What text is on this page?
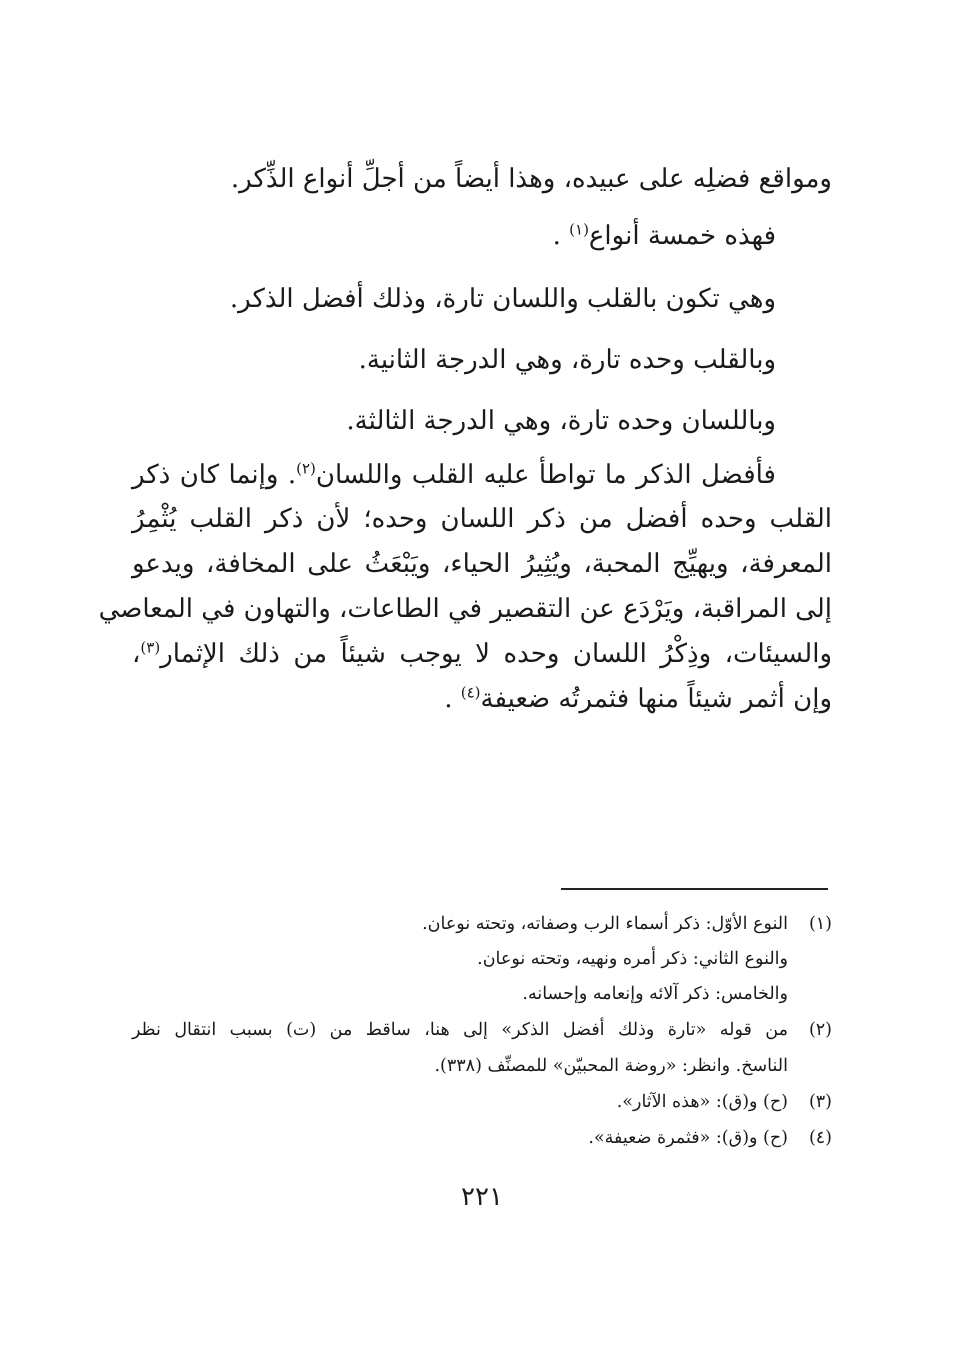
ومواقع فضلِه على عبيده، وهذا أيضاً من أجلِّ أنواع الذِّكر.
فهذه خمسة أنواع$^{(١)}$ .
وهي تكون بالقلب واللسان تارة، وذلك أفضل الذكر.
وبالقلب وحده تارة، وهي الدرجة الثانية.
وباللسان وحده تارة، وهي الدرجة الثالثة.
فأفضل الذكر ما تواطأ عليه القلب واللسان$^{(٢)}$. وإنما كان ذكر
القلب وحده أفضل من ذكر اللسان وحده؛ لأن ذكر القلب يُثْمِرُ
المعرفة، ويهيِّج المحبة، ويُثِيرُ الحياء، ويَبْعَثُ على المخافة، ويدعو
إلى المراقبة، ويَرْدَع عن التقصير في الطاعات، والتهاون في المعاصي
والسيئات، وذِكْرُ اللسان وحده لا يوجب شيئاً من ذلك الإثمار$^{(٣)}$،
وإن أثمر شيئاً منها فثمرتُه ضعيفة$^{(٤)}$ .
(١)النوع الأوّل: ذكر أسماء الرب وصفاته، وتحته نوعان.
والنوع الثاني: ذكر أمره ونهيه، وتحته نوعان.
والخامس: ذكر آلائه وإنعامه وإحسانه.
(٢)من قوله «تارة وذلك أفضل الذكر» إلى هنا، ساقط من (ت) بسبب انتقال نظر
الناسخ. وانظر: «روضة المحبيّن» للمصنِّف (٣٣٨).
(٣)(ح) و(ق): «هذه الآثار».
(٤)(ح) و(ق): «فثمرة ضعيفة».
٢٢١
